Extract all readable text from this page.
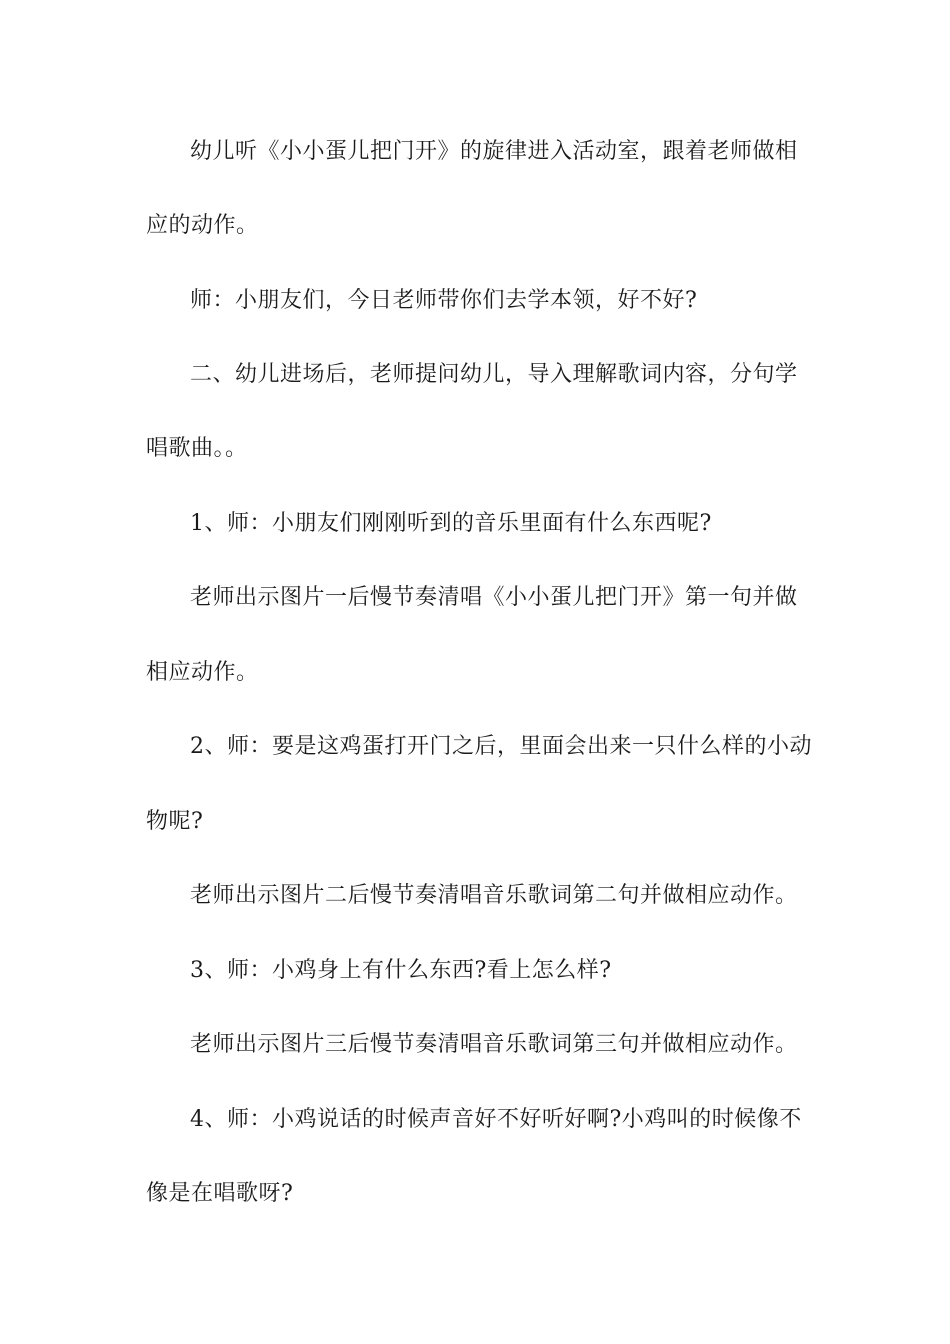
幼儿听《小小蛋儿把门开》的旋律进入活动室，跟着老师做相
应的动作。
师：小朋友们，今日老师带你们去学本领，好不好?
二、幼儿进场后，老师提问幼儿，导入理解歌词内容，分句学
唱歌曲。。
1、师：小朋友们刚刚听到的音乐里面有什么东西呢?
老师出示图片一后慢节奏清唱《小小蛋儿把门开》第一句并做
相应动作。
2、师：要是这鸡蛋打开门之后，里面会出来一只什么样的小动
物呢?
老师出示图片二后慢节奏清唱音乐歌词第二句并做相应动作。
3、师：小鸡身上有什么东西?看上怎么样?
老师出示图片三后慢节奏清唱音乐歌词第三句并做相应动作。
4、师：小鸡说话的时候声音好不好听好啊?小鸡叫的时候像不
像是在唱歌呀?
